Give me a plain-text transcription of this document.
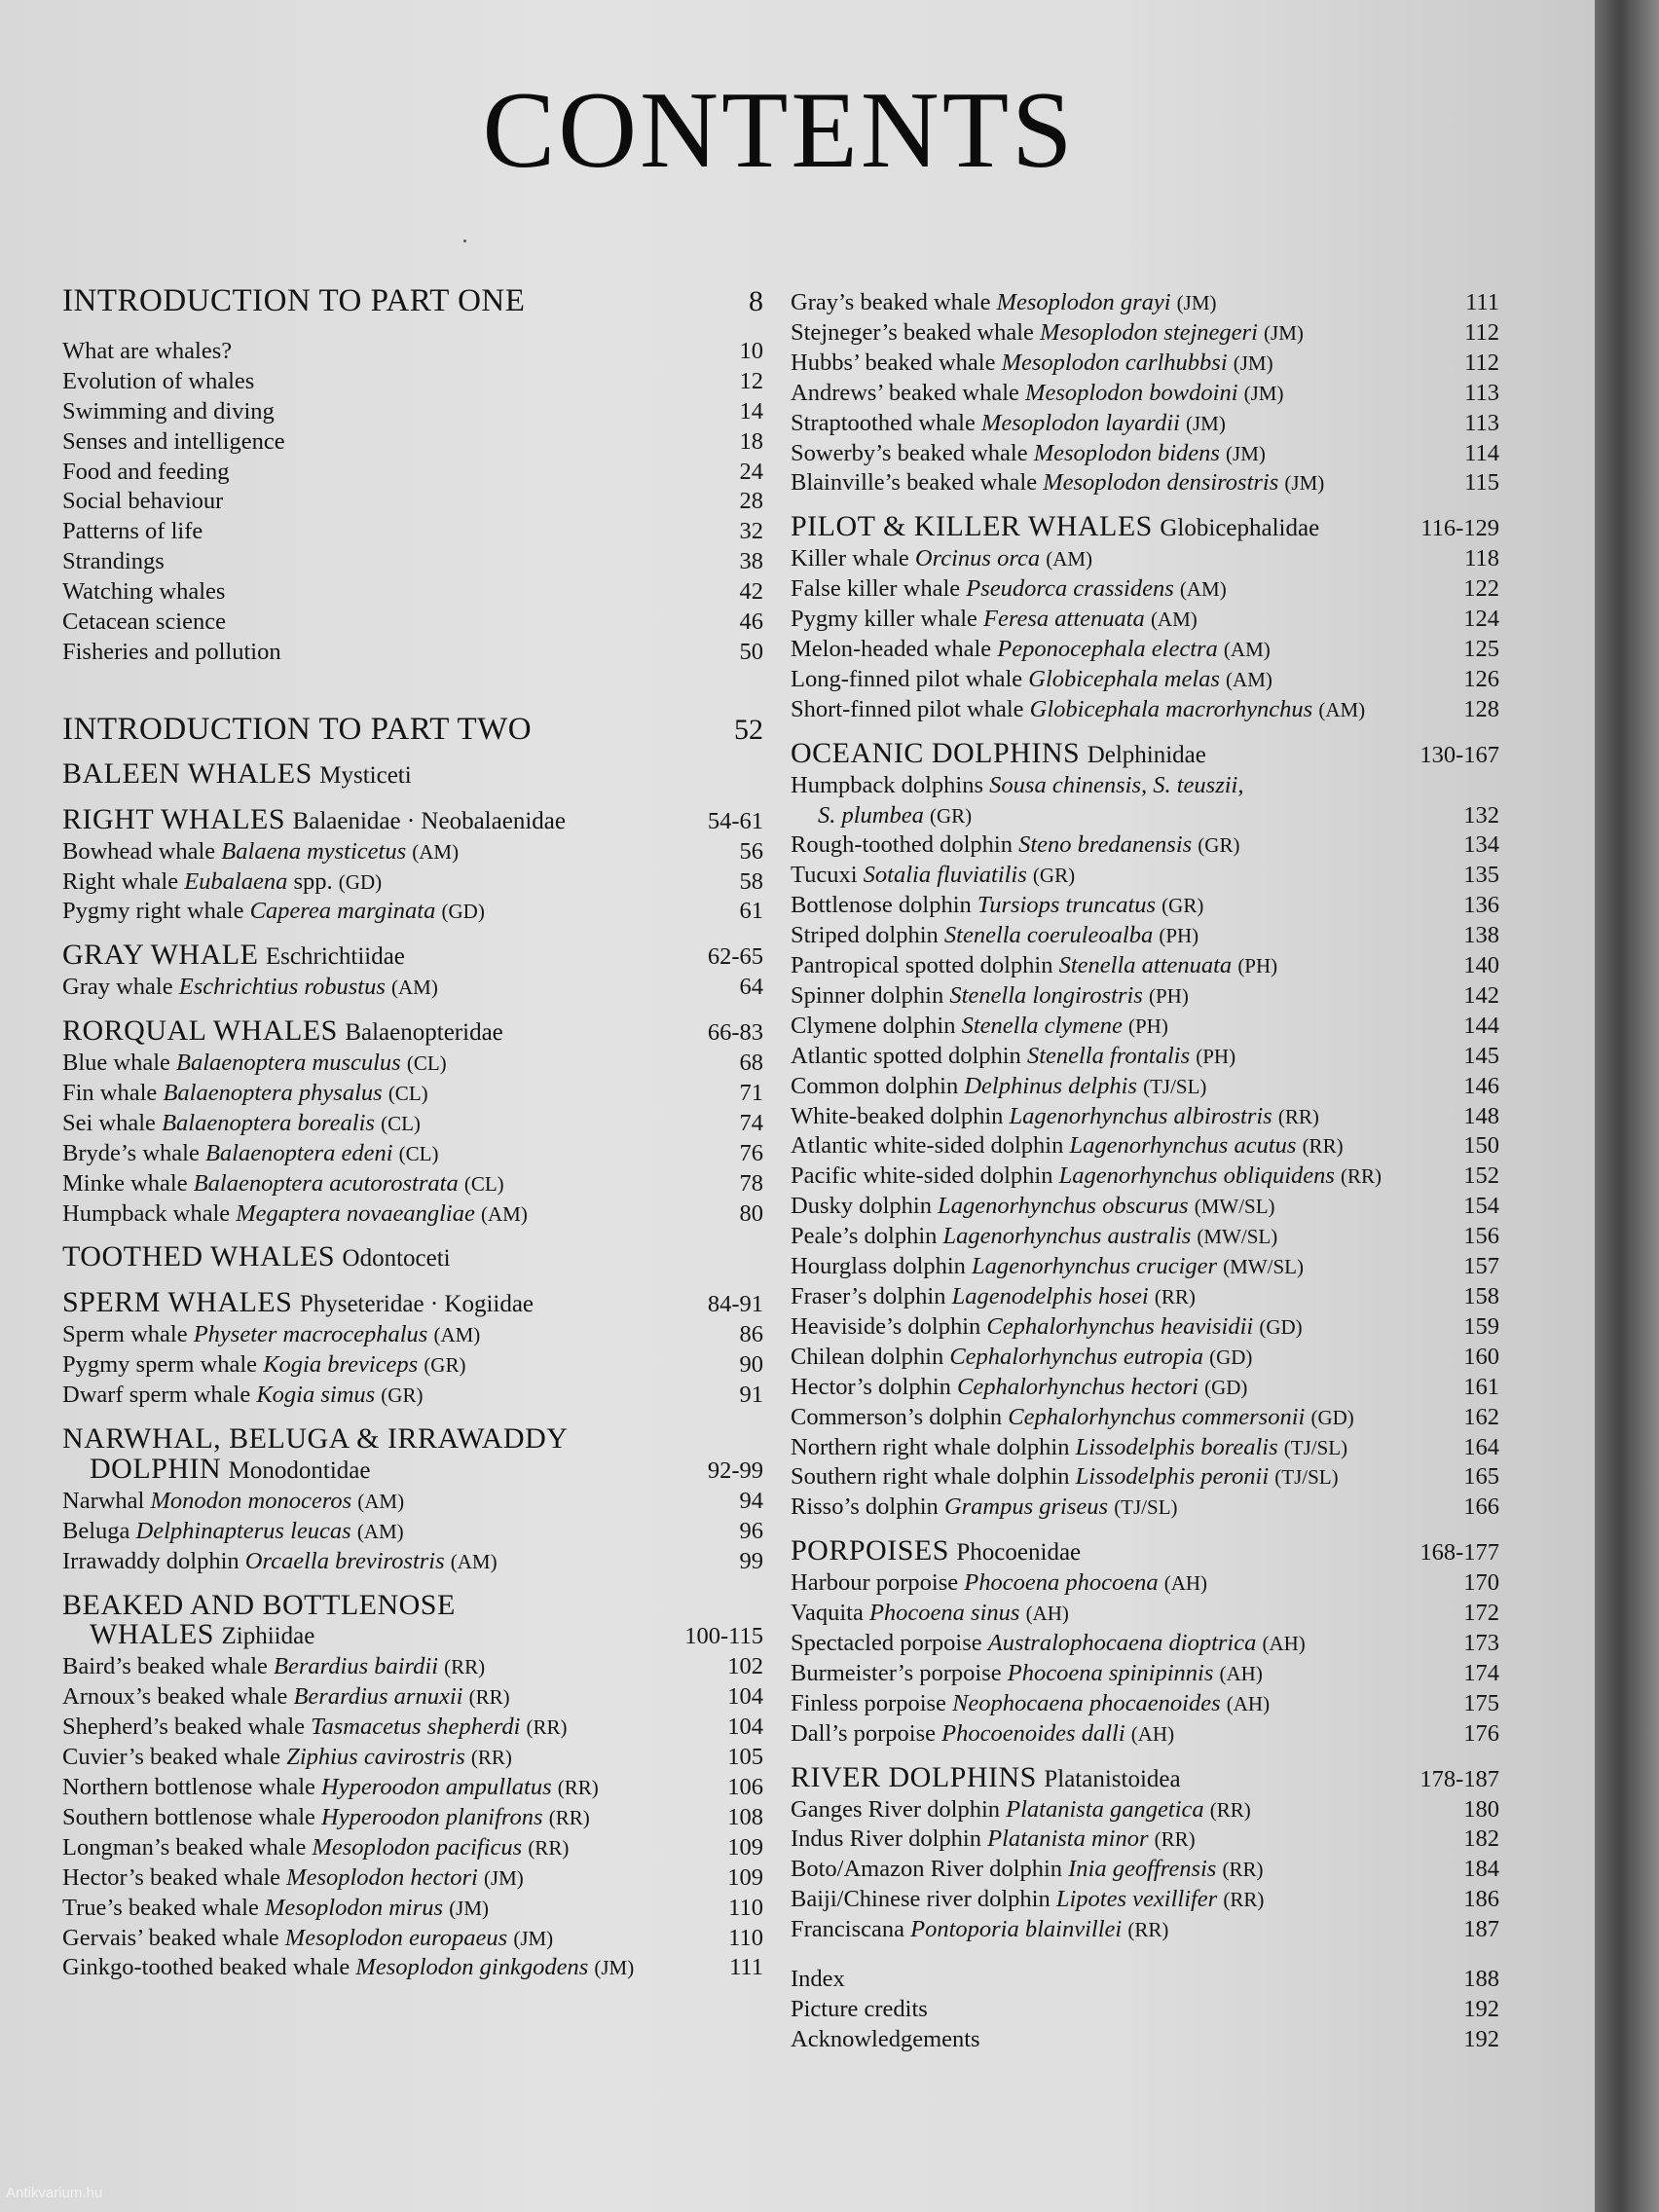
CONTENTS
INTRODUCTION TO PART ONE	8
What are whales?	10
Evolution of whales	12
Swimming and diving	14
Senses and intelligence	18
Food and feeding	24
Social behaviour	28
Patterns of life	32
Strandings	38
Watching whales	42
Cetacean science	46
Fisheries and pollution	50
INTRODUCTION TO PART TWO	52
BALEEN WHALES Mysticeti
RIGHT WHALES Balaenidae · Neobalaenidae	54-61
Bowhead whale Balaena mysticetus (AM)	56
Right whale Eubalaena spp. (GD)	58
Pygmy right whale Caperea marginata (GD)	61
GRAY WHALE Eschrichtiidae	62-65
Gray whale Eschrichtius robustus (AM)	64
RORQUAL WHALES Balaenopteridae	66-83
Blue whale Balaenoptera musculus (CL)	68
Fin whale Balaenoptera physalus (CL)	71
Sei whale Balaenoptera borealis (CL)	74
Bryde’s whale Balaenoptera edeni (CL)	76
Minke whale Balaenoptera acutorostrata (CL)	78
Humpback whale Megaptera novaeangliae (AM)	80
TOOTHED WHALES Odontoceti
SPERM WHALES Physeteridae · Kogiidae	84-91
Sperm whale Physeter macrocephalus (AM)	86
Pygmy sperm whale Kogia breviceps (GR)	90
Dwarf sperm whale Kogia simus (GR)	91
NARWHAL, BELUGA & IRRAWADDY
DOLPHIN Monodontidae	92-99
Narwhal Monodon monoceros (AM)	94
Beluga Delphinapterus leucas (AM)	96
Irrawaddy dolphin Orcaella brevirostris (AM)	99
BEAKED AND BOTTLENOSE
WHALES Ziphiidae	100-115
Baird’s beaked whale Berardius bairdii (RR)	102
Arnoux’s beaked whale Berardius arnuxii (RR)	104
Shepherd’s beaked whale Tasmacetus shepherdi (RR)	104
Cuvier’s beaked whale Ziphius cavirostris (RR)	105
Northern bottlenose whale Hyperoodon ampullatus (RR)	106
Southern bottlenose whale Hyperoodon planifrons (RR)	108
Longman’s beaked whale Mesoplodon pacificus (RR)	109
Hector’s beaked whale Mesoplodon hectori (JM)	109
True’s beaked whale Mesoplodon mirus (JM)	110
Gervais’ beaked whale Mesoplodon europaeus (JM)	110
Ginkgo-toothed beaked whale Mesoplodon ginkgodens (JM)	111
Gray’s beaked whale Mesoplodon grayi (JM)	111
Stejneger’s beaked whale Mesoplodon stejnegeri (JM)	112
Hubbs’ beaked whale Mesoplodon carlhubbsi (JM)	112
Andrews’ beaked whale Mesoplodon bowdoini (JM)	113
Straptoothed whale Mesoplodon layardii (JM)	113
Sowerby’s beaked whale Mesoplodon bidens (JM)	114
Blainville’s beaked whale Mesoplodon densirostris (JM)	115
PILOT & KILLER WHALES Globicephalidae	116-129
Killer whale Orcinus orca (AM)	118
False killer whale Pseudorca crassidens (AM)	122
Pygmy killer whale Feresa attenuata (AM)	124
Melon-headed whale Peponocephala electra (AM)	125
Long-finned pilot whale Globicephala melas (AM)	126
Short-finned pilot whale Globicephala macrorhynchus (AM)	128
OCEANIC DOLPHINS Delphinidae	130-167
Humpback dolphins Sousa chinensis, S. teuszii,
S. plumbea (GR)	132
Rough-toothed dolphin Steno bredanensis (GR)	134
Tucuxi Sotalia fluviatilis (GR)	135
Bottlenose dolphin Tursiops truncatus (GR)	136
Striped dolphin Stenella coeruleoalba (PH)	138
Pantropical spotted dolphin Stenella attenuata (PH)	140
Spinner dolphin Stenella longirostris (PH)	142
Clymene dolphin Stenella clymene (PH)	144
Atlantic spotted dolphin Stenella frontalis (PH)	145
Common dolphin Delphinus delphis (TJ/SL)	146
White-beaked dolphin Lagenorhynchus albirostris (RR)	148
Atlantic white-sided dolphin Lagenorhynchus acutus (RR)	150
Pacific white-sided dolphin Lagenorhynchus obliquidens (RR)	152
Dusky dolphin Lagenorhynchus obscurus (MW/SL)	154
Peale’s dolphin Lagenorhynchus australis (MW/SL)	156
Hourglass dolphin Lagenorhynchus cruciger (MW/SL)	157
Fraser’s dolphin Lagenodelphis hosei (RR)	158
Heaviside’s dolphin Cephalorhynchus heavisidii (GD)	159
Chilean dolphin Cephalorhynchus eutropia (GD)	160
Hector’s dolphin Cephalorhynchus hectori (GD)	161
Commerson’s dolphin Cephalorhynchus commersonii (GD)	162
Northern right whale dolphin Lissodelphis borealis (TJ/SL)	164
Southern right whale dolphin Lissodelphis peronii (TJ/SL)	165
Risso’s dolphin Grampus griseus (TJ/SL)	166
PORPOISES Phocoenidae	168-177
Harbour porpoise Phocoena phocoena (AH)	170
Vaquita Phocoena sinus (AH)	172
Spectacled porpoise Australophocaena dioptrica (AH)	173
Burmeister’s porpoise Phocoena spinipinnis (AH)	174
Finless porpoise Neophocaena phocaenoides (AH)	175
Dall’s porpoise Phocoenoides dalli (AH)	176
RIVER DOLPHINS Platanistoidea	178-187
Ganges River dolphin Platanista gangetica (RR)	180
Indus River dolphin Platanista minor (RR)	182
Boto/Amazon River dolphin Inia geoffrensis (RR)	184
Baiji/Chinese river dolphin Lipotes vexillifer (RR)	186
Franciscana Pontoporia blainvillei (RR)	187
Index	188
Picture credits	192
Acknowledgements	192
Antikvarium.hu
